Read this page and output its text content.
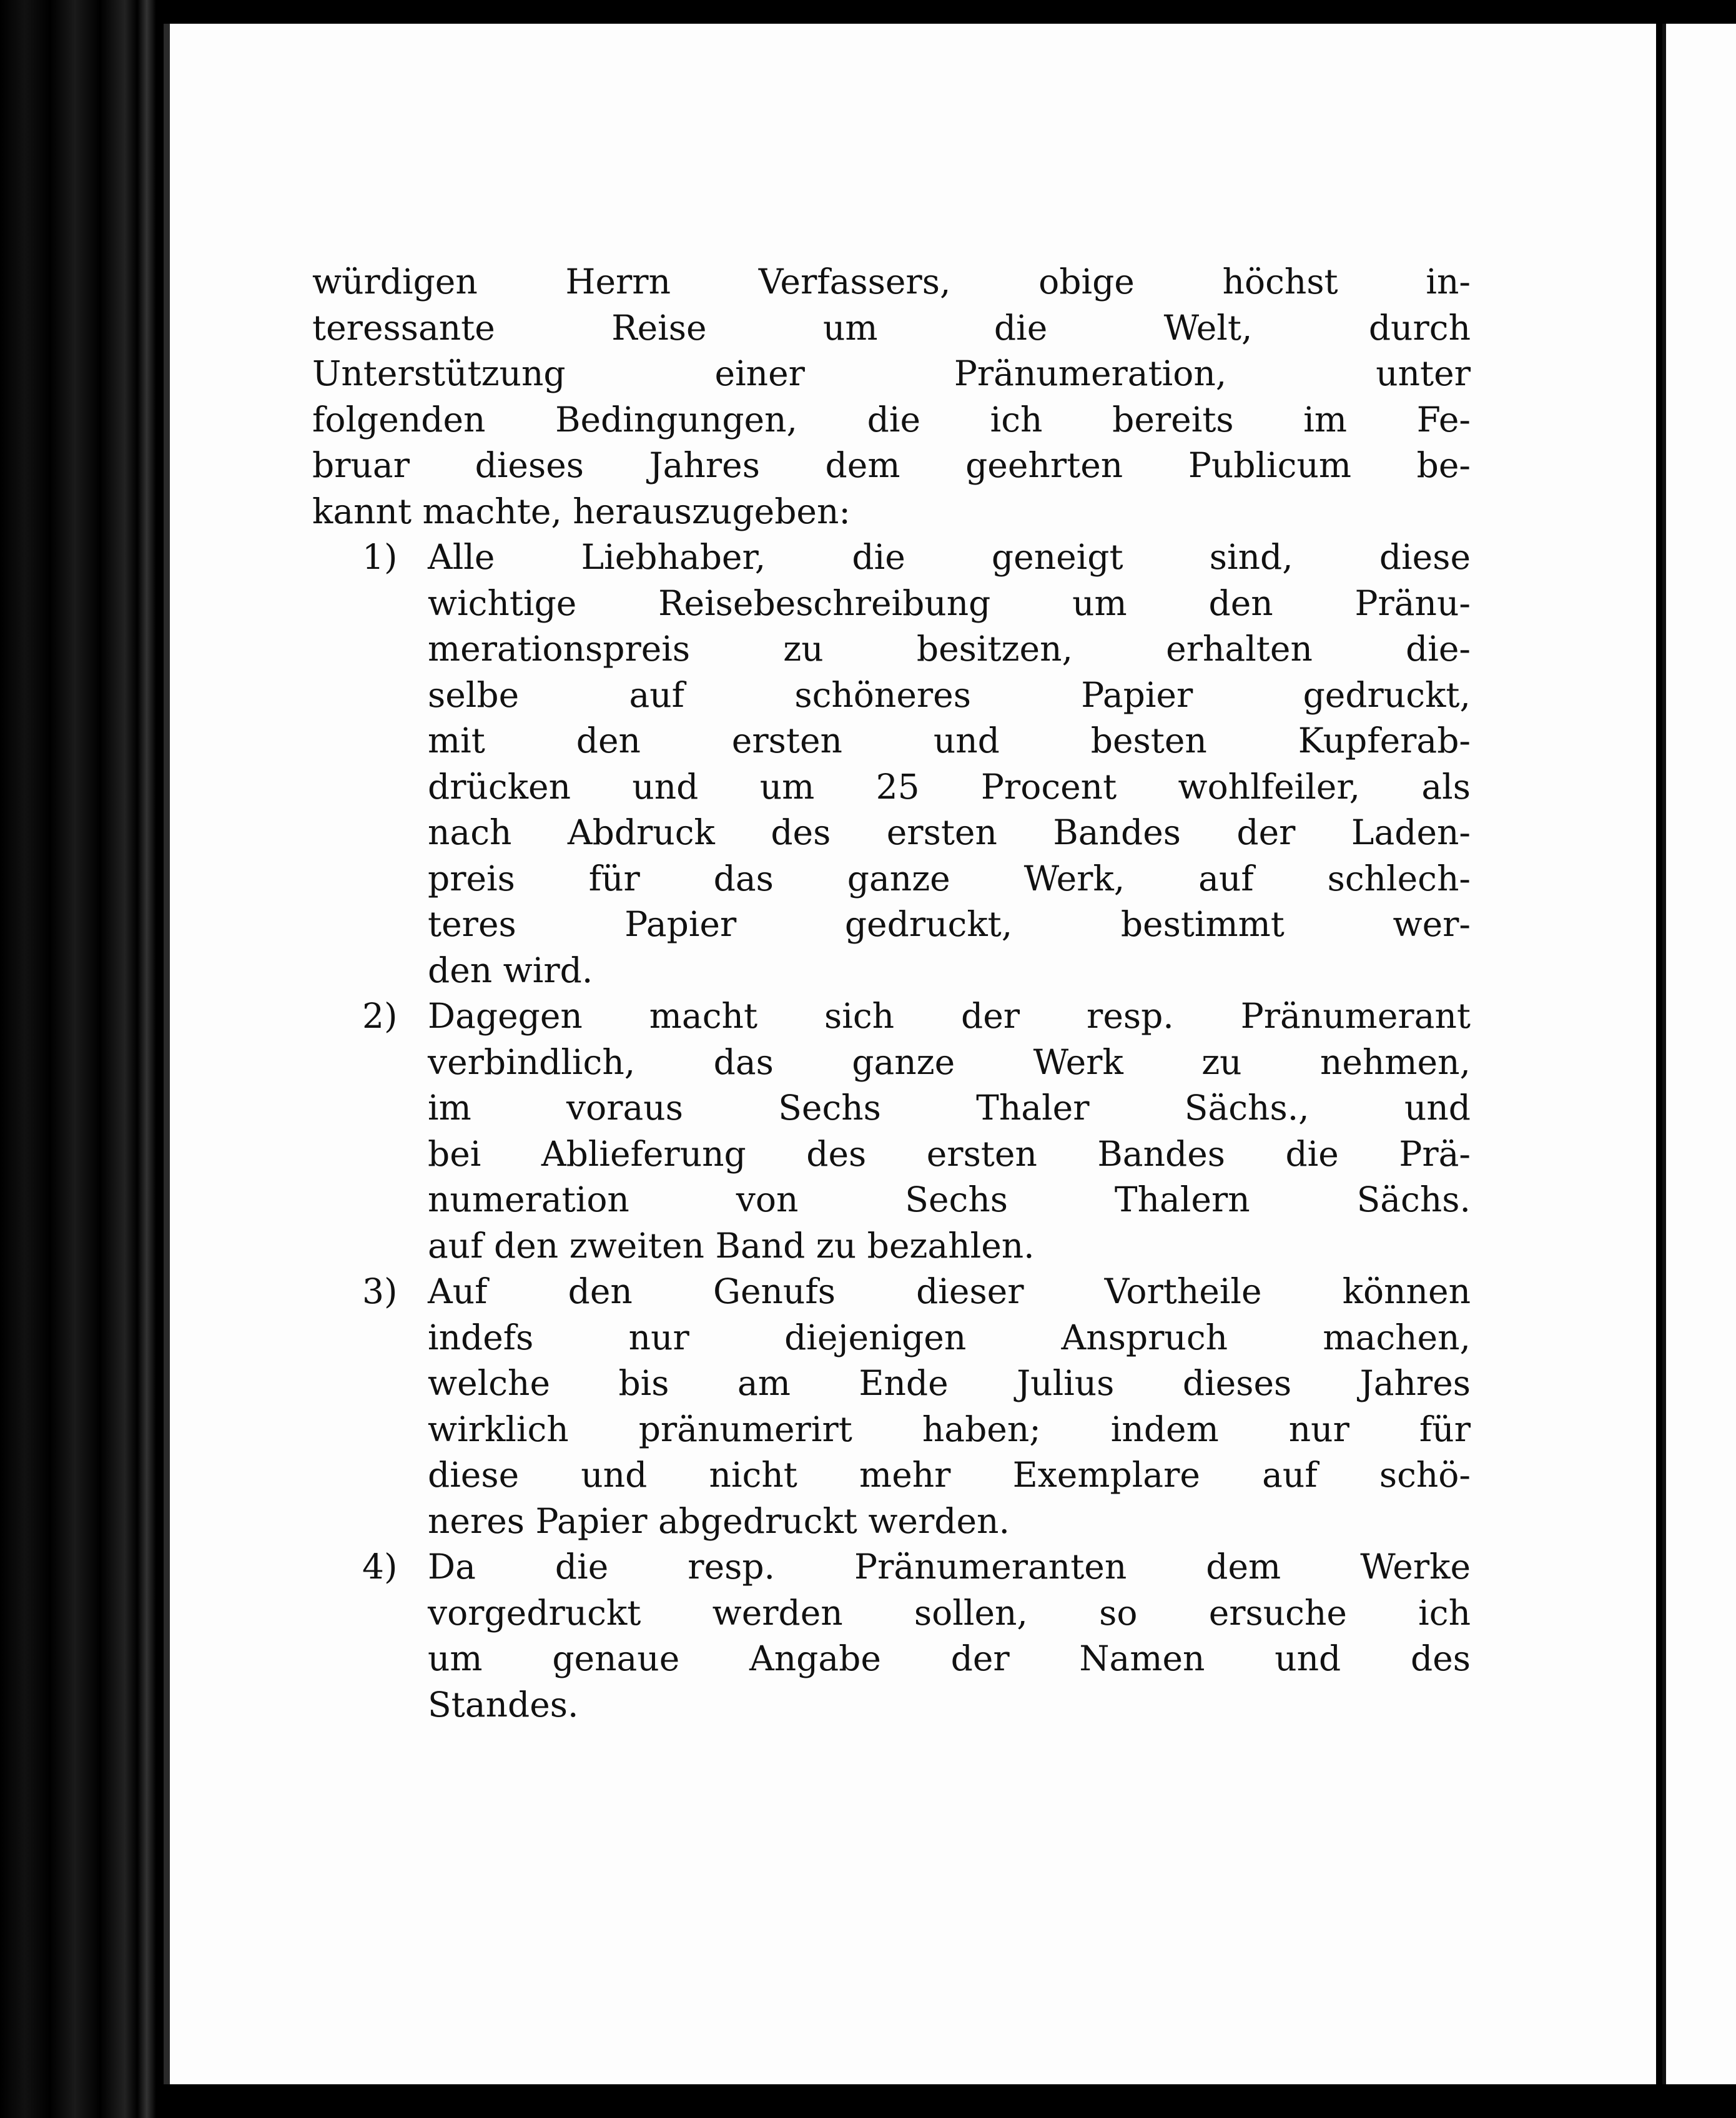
würdigen Herrn Verfassers, obige höchst in-
teressante Reise um die Welt, durch
Unterstützung einer Pränumeration, unter
folgenden Bedingungen, die ich bereits im Fe-
bruar dieses Jahres dem geehrten Publicum be-
kannt machte, herauszugeben:
1) Alle Liebhaber, die geneigt sind, diese
wichtige Reisebeschreibung um den Pränu-
merationspreis zu besitzen, erhalten die-
selbe auf schöneres Papier gedruckt,
mit den ersten und besten Kupferab-
drücken und um 25 Procent wohlfeiler, als
nach Abdruck des ersten Bandes der Laden-
preis für das ganze Werk, auf schlech-
teres Papier gedruckt, bestimmt wer-
den wird.
2) Dagegen macht sich der resp. Pränumerant
verbindlich, das ganze Werk zu nehmen,
im voraus Sechs Thaler Sächs., und
bei Ablieferung des ersten Bandes die Prä-
numeration von Sechs Thalern Sächs.
auf den zweiten Band zu bezahlen.
3) Auf den Genufs dieser Vortheile können
indefs nur diejenigen Anspruch machen,
welche bis am Ende Julius dieses Jahres
wirklich pränumerirt haben; indem nur für
diese und nicht mehr Exemplare auf schö-
neres Papier abgedruckt werden.
4) Da die resp. Pränumeranten dem Werke
vorgedruckt werden sollen, so ersuche ich
um genaue Angabe der Namen und des
Standes.
